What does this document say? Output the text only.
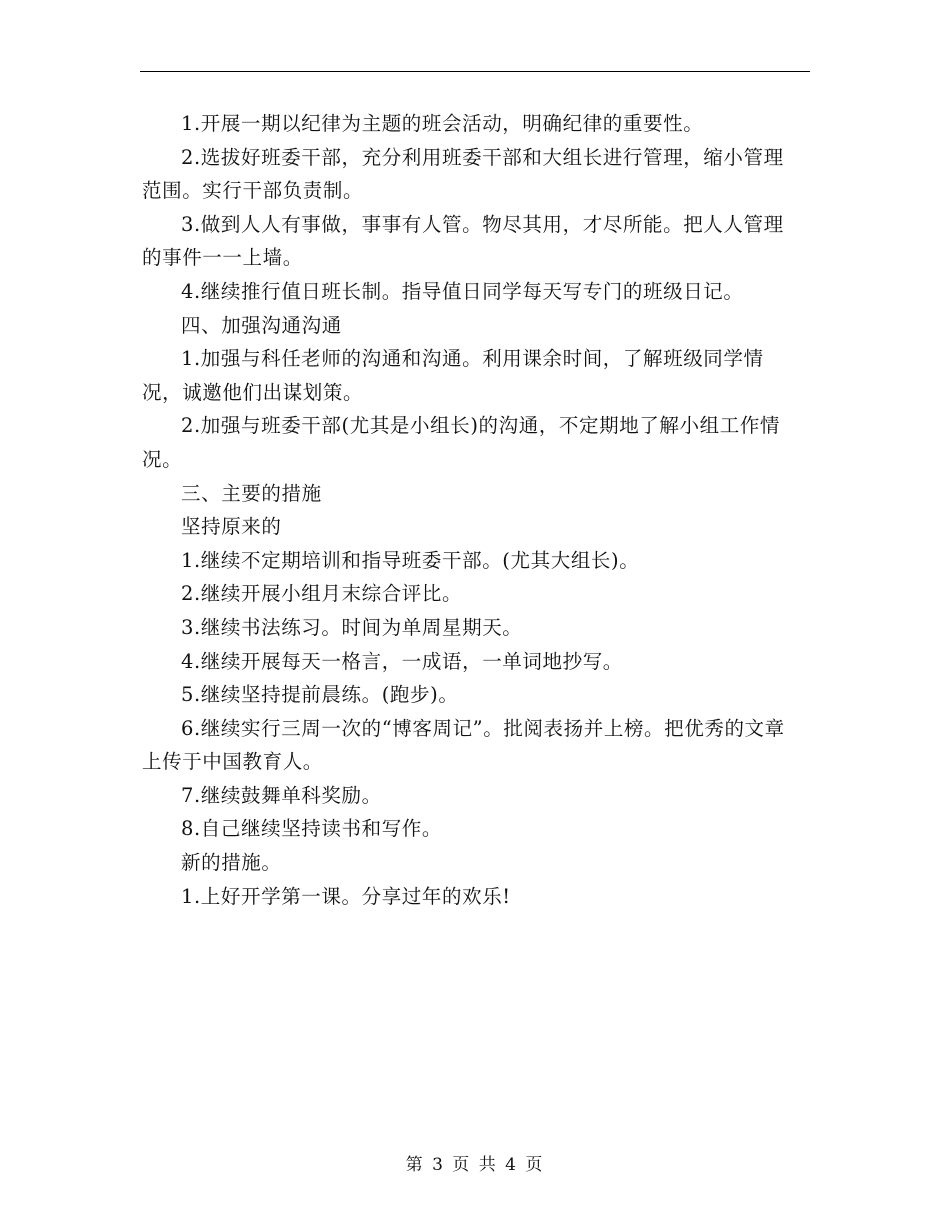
1.开展一期以纪律为主题的班会活动，明确纪律的重要性。

2.选拔好班委干部，充分利用班委干部和大组长进行管理，缩小管理范围。实行干部负责制。

3.做到人人有事做，事事有人管。物尽其用，才尽所能。把人人管理的事件一一上墙。

4.继续推行值日班长制。指导值日同学每天写专门的班级日记。

四、加强沟通沟通

1.加强与科任老师的沟通和沟通。利用课余时间，了解班级同学情况，诚邀他们出谋划策。

2.加强与班委干部(尤其是小组长)的沟通，不定期地了解小组工作情况。

三、主要的措施

坚持原来的

1.继续不定期培训和指导班委干部。(尤其大组长)。

2.继续开展小组月末综合评比。

3.继续书法练习。时间为单周星期天。

4.继续开展每天一格言，一成语，一单词地抄写。

5.继续坚持提前晨练。(跑步)。

6.继续实行三周一次的“博客周记”。批阅表扬并上榜。把优秀的文章上传于中国教育人。

7.继续鼓舞单科奖励。

8.自己继续坚持读书和写作。

新的措施。

1.上好开学第一课。分享过年的欢乐!

第 3 页 共 4 页
